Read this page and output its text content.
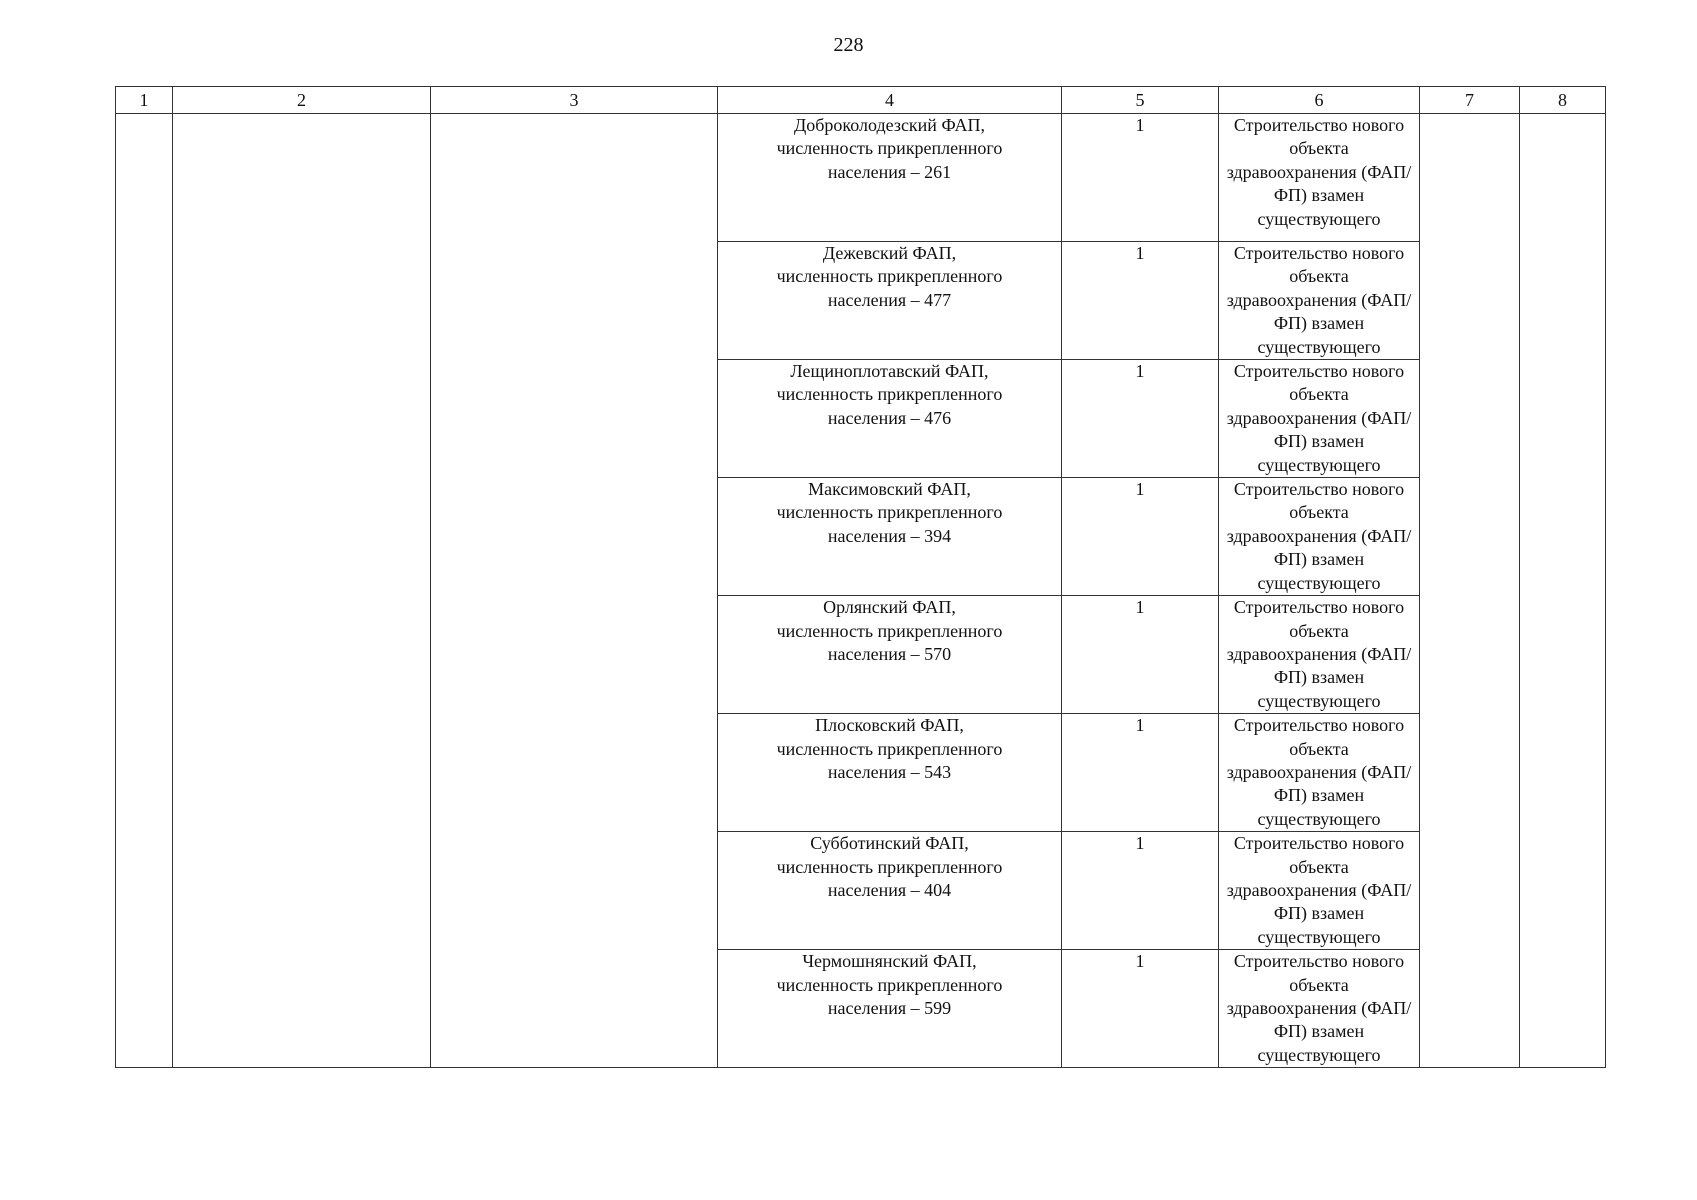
228
1	2	3	4	5	6	7	8

			Доброколодезский ФАП,
численность прикрепленного
населения – 261	1	Строительство нового объекта здравоохранения (ФАП/ФП) взамен существующего		

			Дежевский ФАП,
численность прикрепленного
населения – 477	1	Строительство нового объекта здравоохранения (ФАП/ФП) взамен существующего		

			Лещиноплотавский ФАП,
численность прикрепленного
населения – 476	1	Строительство нового объекта здравоохранения (ФАП/ФП) взамен существующего		

			Максимовский ФАП,
численность прикрепленного
населения – 394	1	Строительство нового объекта здравоохранения (ФАП/ФП) взамен существующего		

			Орлянский ФАП,
численность прикрепленного
населения – 570	1	Строительство нового объекта здравоохранения (ФАП/ФП) взамен существующего		

			Плосковский ФАП,
численность прикрепленного
населения – 543	1	Строительство нового объекта здравоохранения (ФАП/ФП) взамен существующего		

			Субботинский ФАП,
численность прикрепленного
населения – 404	1	Строительство нового объекта здравоохранения (ФАП/ФП) взамен существующего		

			Чермошнянский ФАП,
численность прикрепленного
населения – 599	1	Строительство нового объекта здравоохранения (ФАП/ФП) взамен существующего		
